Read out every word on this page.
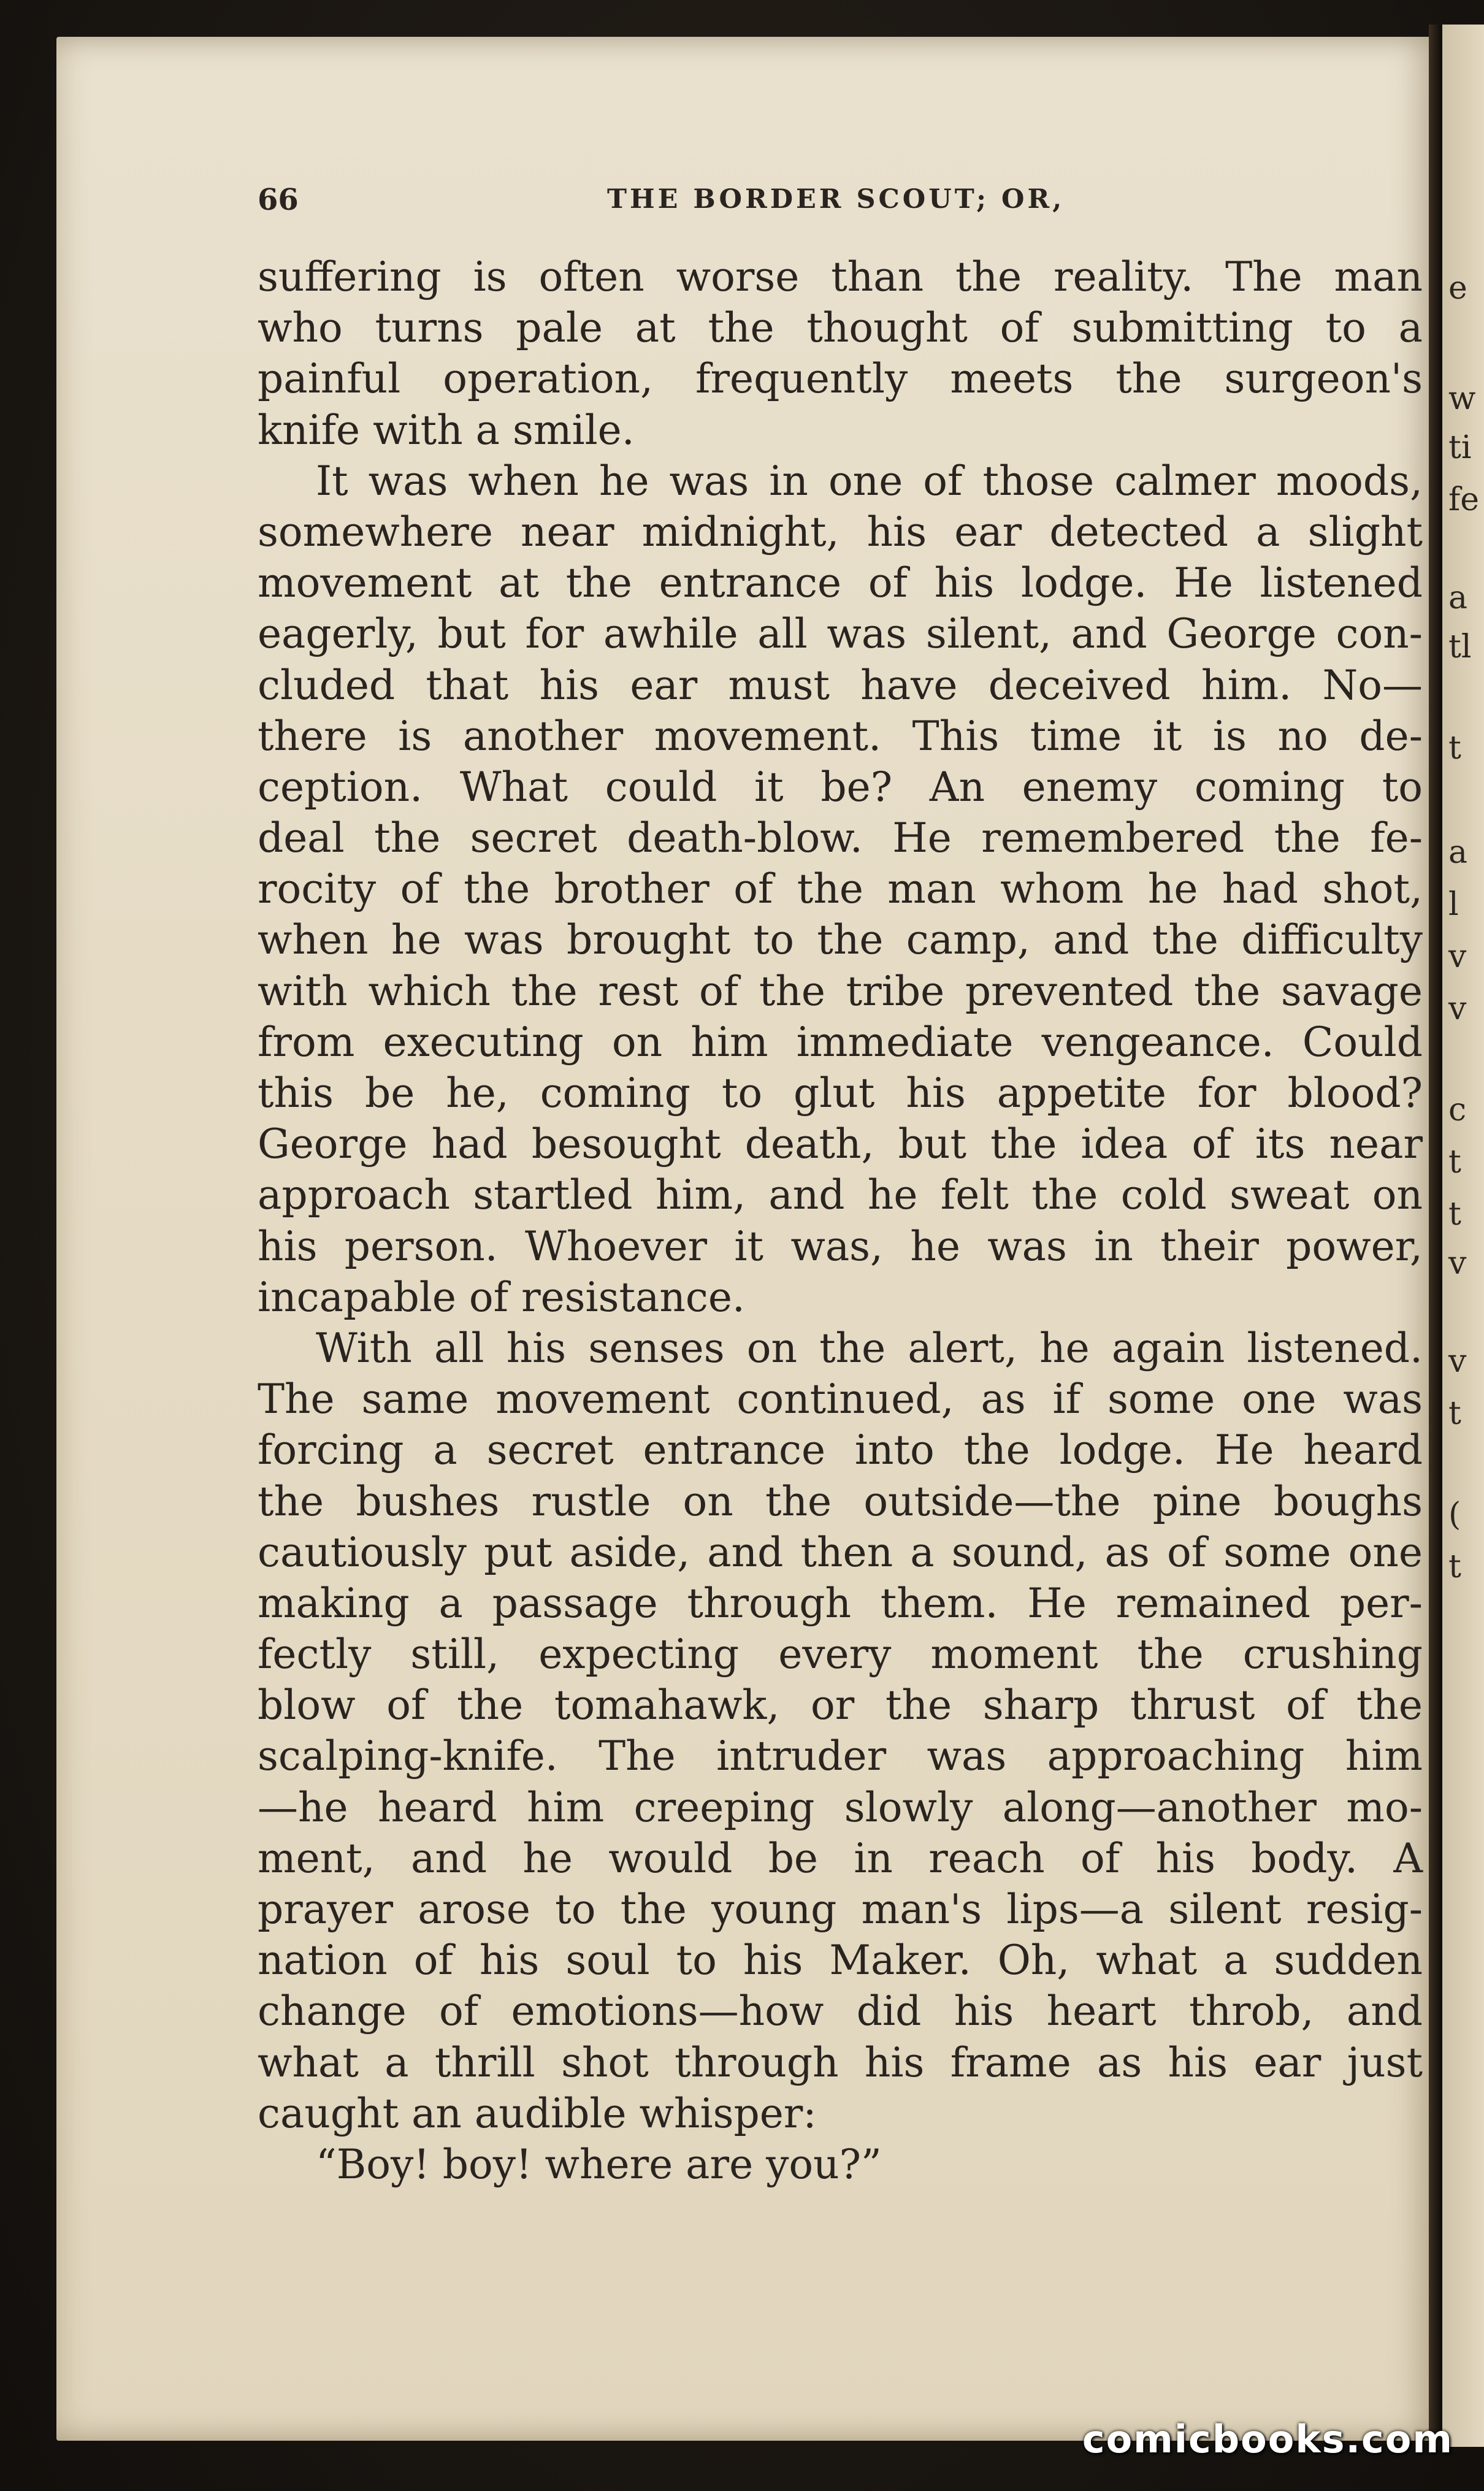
e
w
ti
fe
a
tl
t
a
l
v
v
c
t
t
v
v
t
(
t
66	THE BORDER SCOUT; OR,
suffering is often worse than the reality. The man
who turns pale at the thought of submitting to a
painful operation, frequently meets the surgeon's
knife with a smile.
It was when he was in one of those calmer moods,
somewhere near midnight, his ear detected a slight
movement at the entrance of his lodge. He listened
eagerly, but for awhile all was silent, and George con-
cluded that his ear must have deceived him. No—
there is another movement. This time it is no de-
ception. What could it be? An enemy coming to
deal the secret death-blow. He remembered the fe-
rocity of the brother of the man whom he had shot,
when he was brought to the camp, and the difficulty
with which the rest of the tribe prevented the savage
from executing on him immediate vengeance. Could
this be he, coming to glut his appetite for blood?
George had besought death, but the idea of its near
approach startled him, and he felt the cold sweat on
his person. Whoever it was, he was in their power,
incapable of resistance.
With all his senses on the alert, he again listened.
The same movement continued, as if some one was
forcing a secret entrance into the lodge. He heard
the bushes rustle on the outside—the pine boughs
cautiously put aside, and then a sound, as of some one
making a passage through them. He remained per-
fectly still, expecting every moment the crushing
blow of the tomahawk, or the sharp thrust of the
scalping-knife. The intruder was approaching him
—he heard him creeping slowly along—another mo-
ment, and he would be in reach of his body. A
prayer arose to the young man's lips—a silent resig-
nation of his soul to his Maker. Oh, what a sudden
change of emotions—how did his heart throb, and
what a thrill shot through his frame as his ear just
caught an audible whisper:
“Boy! boy! where are you?”
comicbooks.com
